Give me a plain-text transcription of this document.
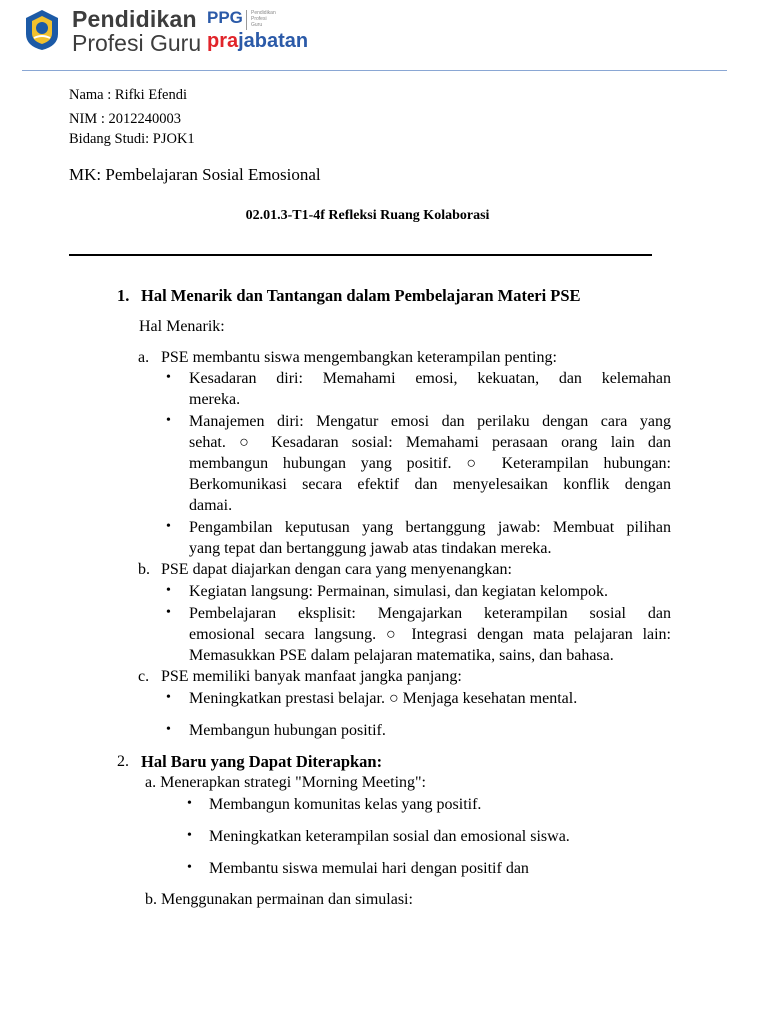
Pendidikan
Profesi Guru
PPG Pendidikan Profesi Guru
prajabatan
Nama : Rifki Efendi
NIM : 2012240003
Bidang Studi: PJOK1
MK: Pembelajaran Sosial Emosional
02.01.3-T1-4f Refleksi Ruang Kolaborasi
1. Hal Menarik dan Tantangan dalam Pembelajaran Materi PSE
Hal Menarik:
a. PSE membantu siswa mengembangkan keterampilan penting:
• Kesadaran diri: Memahami emosi, kekuatan, dan kelemahan
mereka.
• Manajemen diri: Mengatur emosi dan perilaku dengan cara yang
sehat. ○ Kesadaran sosial: Memahami perasaan orang lain dan
membangun hubungan yang positif. ○ Keterampilan hubungan:
Berkomunikasi secara efektif dan menyelesaikan konflik dengan
damai.
• Pengambilan keputusan yang bertanggung jawab: Membuat pilihan
yang tepat dan bertanggung jawab atas tindakan mereka.
b. PSE dapat diajarkan dengan cara yang menyenangkan:
• Kegiatan langsung: Permainan, simulasi, dan kegiatan kelompok.
• Pembelajaran eksplisit: Mengajarkan keterampilan sosial dan
emosional secara langsung. ○ Integrasi dengan mata pelajaran lain:
Memasukkan PSE dalam pelajaran matematika, sains, dan bahasa.
c. PSE memiliki banyak manfaat jangka panjang:
• Meningkatkan prestasi belajar. ○ Menjaga kesehatan mental.
• Membangun hubungan positif.
2. Hal Baru yang Dapat Diterapkan:
a. Menerapkan strategi "Morning Meeting":
• Membangun komunitas kelas yang positif.
• Meningkatkan keterampilan sosial dan emosional siswa.
• Membantu siswa memulai hari dengan positif dan
b. Menggunakan permainan dan simulasi:
